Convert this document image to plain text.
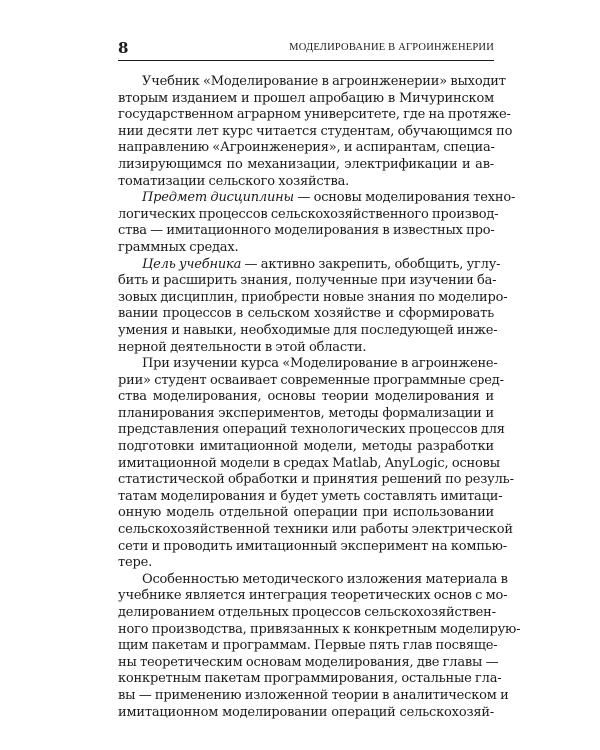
8	МОДЕЛИРОВАНИЕ В АГРОИНЖЕНЕРИИ
Учебник «Моделирование в агроинженерии» выходит
вторым изданием и прошел апробацию в Мичуринском
государственном аграрном университете, где на протяже-
нии десяти лет курс читается студентам, обучающимся по
направлению «Агроинженерия», и аспирантам, специа-
лизирующимся по механизации, электрификации и ав-
томатизации сельского хозяйства.
Предмет дисциплины — основы моделирования техно-
логических процессов сельскохозяйственного производ-
ства — имитационного моделирования в известных про-
граммных средах.
Цель учебника — активно закрепить, обобщить, углу-
бить и расширить знания, полученные при изучении ба-
зовых дисциплин, приобрести новые знания по моделиро-
вании процессов в сельском хозяйстве и сформировать
умения и навыки, необходимые для последующей инже-
нерной деятельности в этой области.
При изучении курса «Моделирование в агроинжене-
рии» студент осваивает современные программные сред-
ства моделирования, основы теории моделирования и
планирования экспериментов, методы формализации и
представления операций технологических процессов для
подготовки имитационной модели, методы разработки
имитационной модели в средах Matlab, AnyLogic, основы
статистической обработки и принятия решений по резуль-
татам моделирования и будет уметь составлять имитаци-
онную модель отдельной операции при использовании
сельскохозяйственной техники или работы электрической
сети и проводить имитационный эксперимент на компью-
тере.
Особенностью методического изложения материала в
учебнике является интеграция теоретических основ с мо-
делированием отдельных процессов сельскохозяйствен-
ного производства, привязанных к конкретным моделирую-
щим пакетам и программам. Первые пять глав посвяще-
ны теоретическим основам моделирования, две главы —
конкретным пакетам программирования, остальные гла-
вы — применению изложенной теории в аналитическом и
имитационном моделировании операций сельскохозяй-
